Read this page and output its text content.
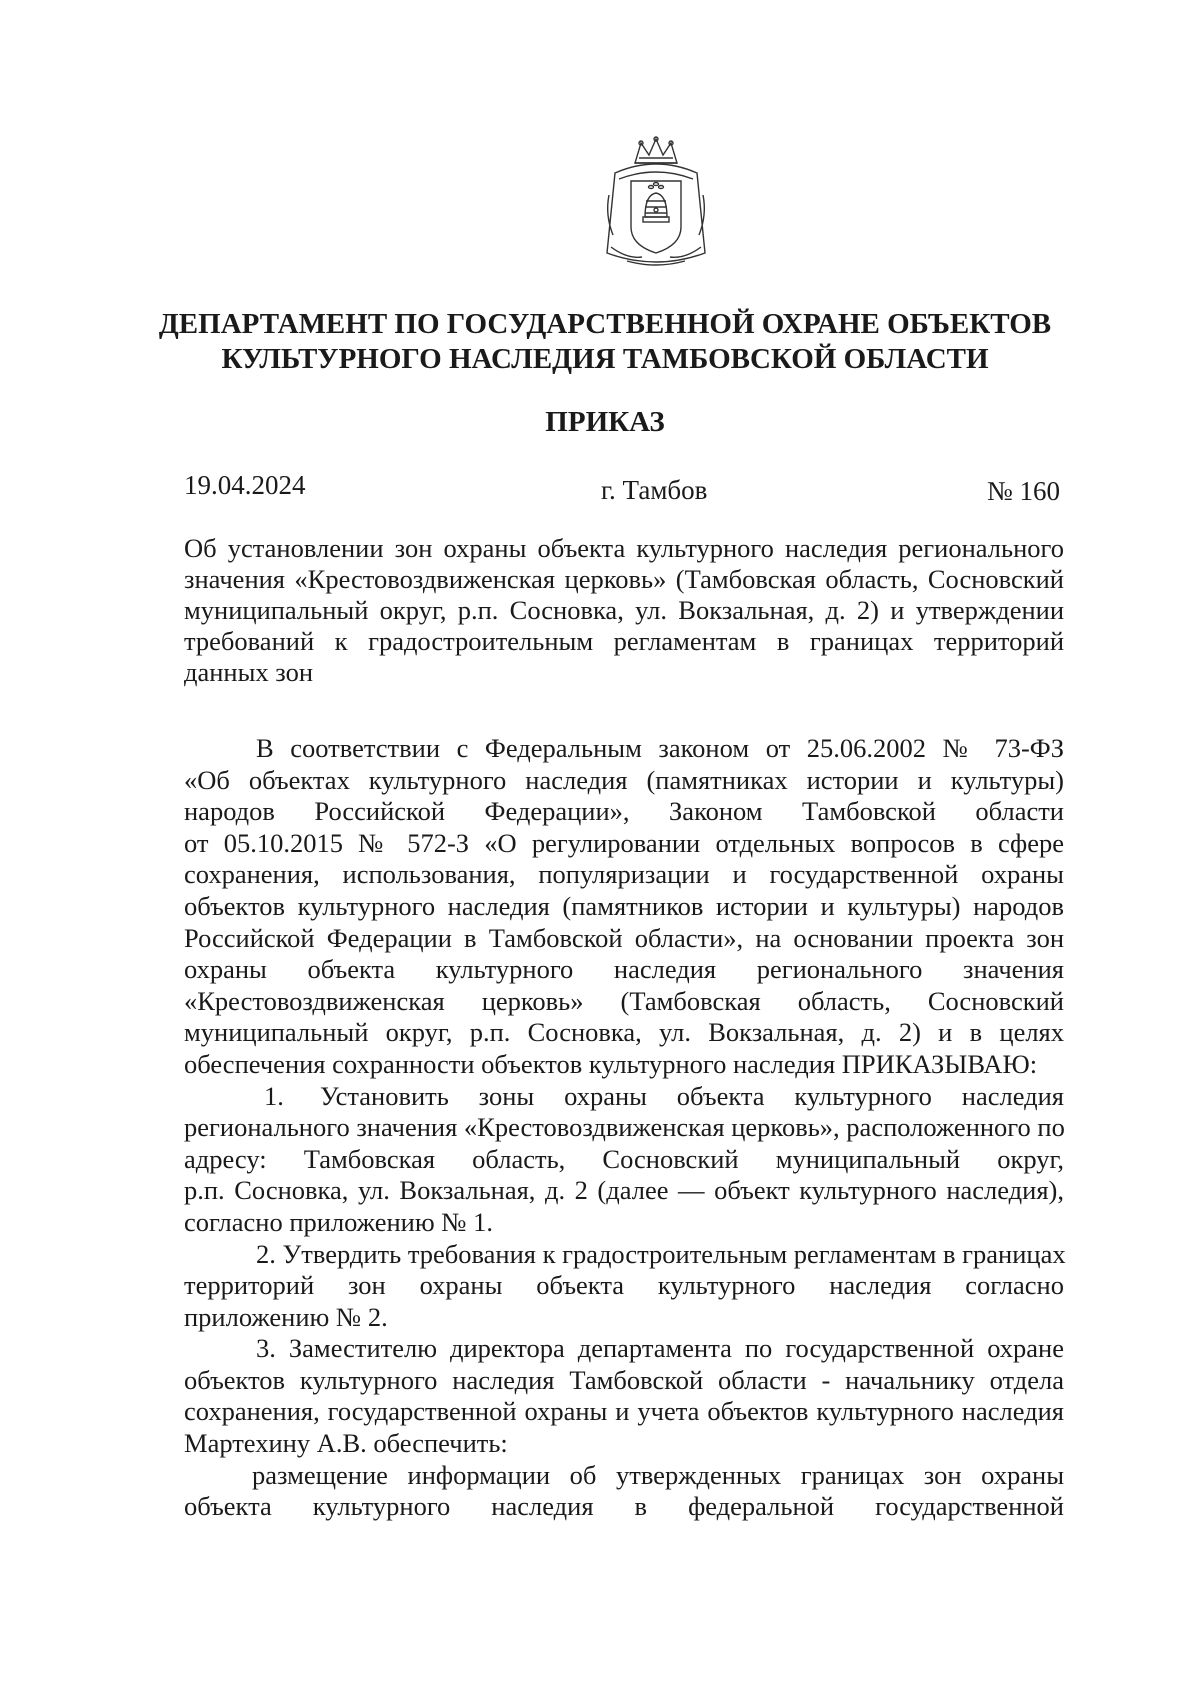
ДЕПАРТАМЕНТ ПО ГОСУДАРСТВЕННОЙ ОХРАНЕ ОБЪЕКТОВ
КУЛЬТУРНОГО НАСЛЕДИЯ ТАМБОВСКОЙ ОБЛАСТИ
ПРИКАЗ
19.04.2024	г. Тамбов	№ 160
Об установлении зон охраны объекта культурного наследия регионального
значения «Крестовоздвиженская церковь» (Тамбовская область, Сосновский
муниципальный округ, р.п. Сосновка, ул. Вокзальная, д. 2) и утверждении
требований к градостроительным регламентам в границах территорий
данных зон
В соответствии с Федеральным законом от 25.06.2002 № 73-ФЗ
«Об объектах культурного наследия (памятниках истории и культуры)
народов Российской Федерации», Законом Тамбовской области
от 05.10.2015 № 572-З «О регулировании отдельных вопросов в сфере
сохранения, использования, популяризации и государственной охраны
объектов культурного наследия (памятников истории и культуры) народов
Российской Федерации в Тамбовской области», на основании проекта зон
охраны объекта культурного наследия регионального значения
«Крестовоздвиженская церковь» (Тамбовская область, Сосновский
муниципальный округ, р.п. Сосновка, ул. Вокзальная, д. 2) и в целях
обеспечения сохранности объектов культурного наследия ПРИКАЗЫВАЮ:
1.	Установить зоны охраны объекта культурного наследия
регионального значения «Крестовоздвиженская церковь», расположенного по
адресу: Тамбовская область, Сосновский муниципальный округ,
р.п. Сосновка, ул. Вокзальная, д. 2 (далее — объект культурного наследия),
согласно приложению № 1.
2. Утвердить требования к градостроительным регламентам в границах
территорий зон охраны объекта культурного наследия согласно
приложению № 2.
3. Заместителю директора департамента по государственной охране
объектов культурного наследия Тамбовской области - начальнику отдела
сохранения, государственной охраны и учета объектов культурного наследия
Мартехину А.В. обеспечить:
размещение информации об утвержденных границах зон охраны
объекта культурного наследия в федеральной государственной
